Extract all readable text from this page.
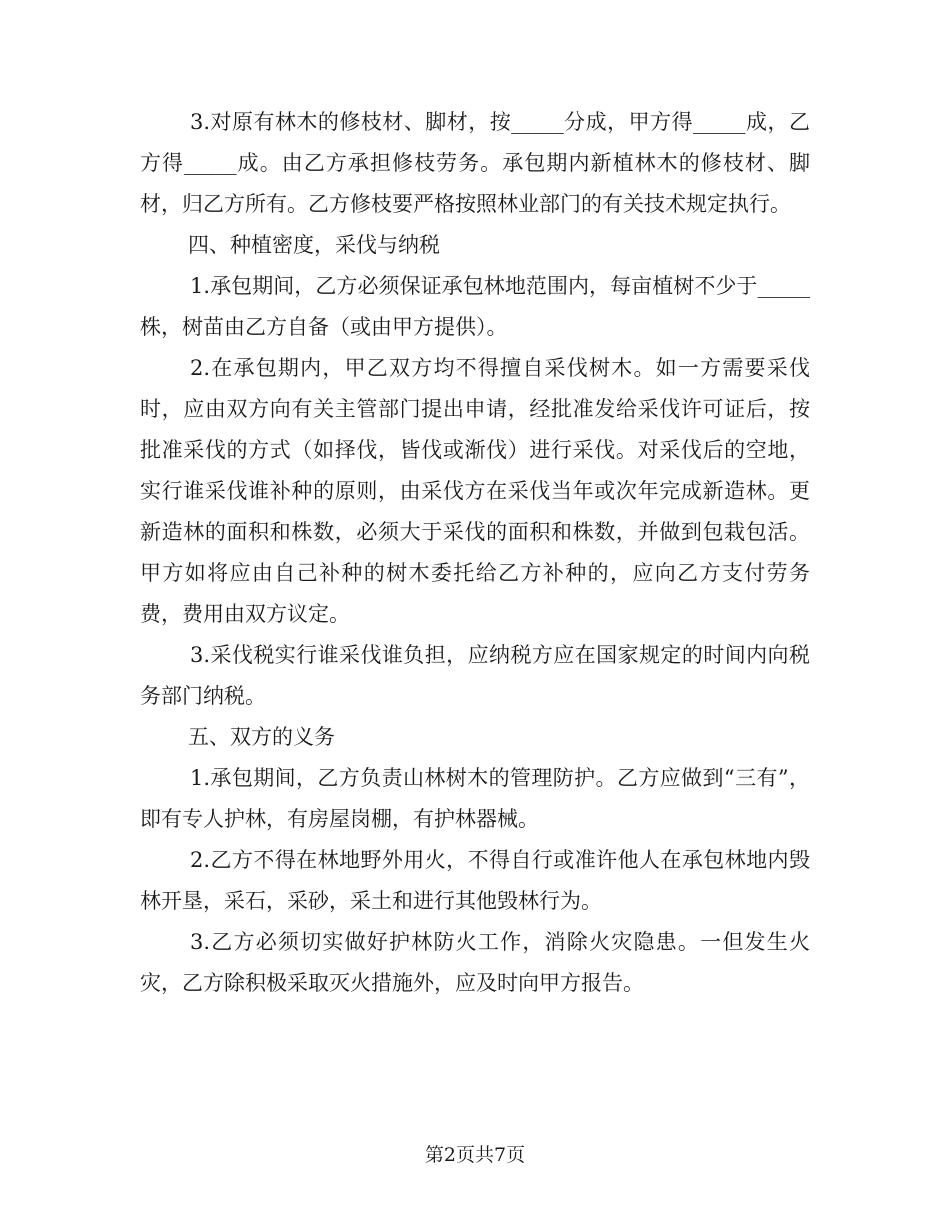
3.对原有林木的修枝材、脚材，按_____分成，甲方得_____成，乙方得_____成。由乙方承担修枝劳务。承包期内新植林木的修枝材、脚材，归乙方所有。乙方修枝要严格按照林业部门的有关技术规定执行。

四、种植密度，采伐与纳税

1.承包期间，乙方必须保证承包林地范围内，每亩植树不少于_____株，树苗由乙方自备（或由甲方提供）。

2.在承包期内，甲乙双方均不得擅自采伐树木。如一方需要采伐时，应由双方向有关主管部门提出申请，经批准发给采伐许可证后，按批准采伐的方式（如择伐，皆伐或渐伐）进行采伐。对采伐后的空地，实行谁采伐谁补种的原则，由采伐方在采伐当年或次年完成新造林。更新造林的面积和株数，必须大于采伐的面积和株数，并做到包栽包活。甲方如将应由自己补种的树木委托给乙方补种的，应向乙方支付劳务费，费用由双方议定。

3.采伐税实行谁采伐谁负担，应纳税方应在国家规定的时间内向税务部门纳税。

五、双方的义务

1.承包期间，乙方负责山林树木的管理防护。乙方应做到“三有”，即有专人护林，有房屋岗棚，有护林器械。

2.乙方不得在林地野外用火，不得自行或准许他人在承包林地内毁林开垦，采石，采砂，采土和进行其他毁林行为。

3.乙方必须切实做好护林防火工作，消除火灾隐患。一但发生火灾，乙方除积极采取灭火措施外，应及时向甲方报告。

第2页共7页
